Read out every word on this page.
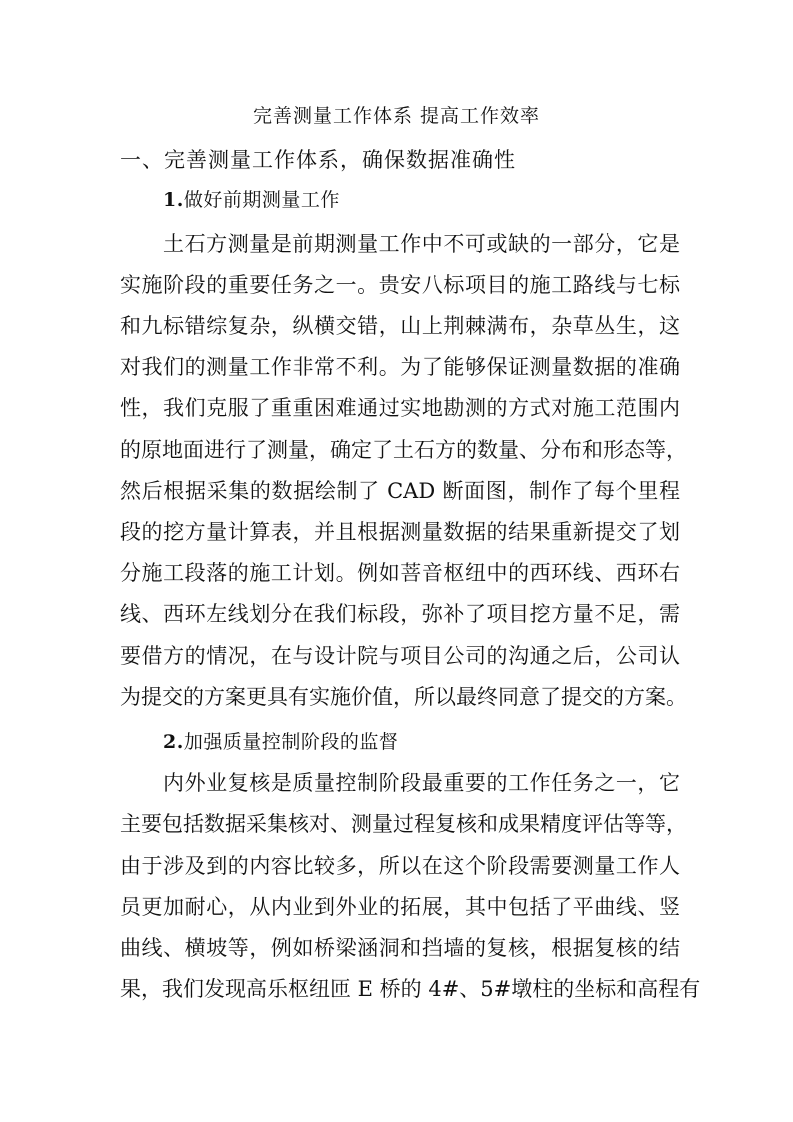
完善测量工作体系 提高工作效率
一、完善测量工作体系，确保数据准确性
1.做好前期测量工作
土石方测量是前期测量工作中不可或缺的一部分，它是
实施阶段的重要任务之一。贵安八标项目的施工路线与七标
和九标错综复杂，纵横交错，山上荆棘满布，杂草丛生，这
对我们的测量工作非常不利。为了能够保证测量数据的准确
性，我们克服了重重困难通过实地勘测的方式对施工范围内
的原地面进行了测量，确定了土石方的数量、分布和形态等，
然后根据采集的数据绘制了 CAD 断面图，制作了每个里程
段的挖方量计算表，并且根据测量数据的结果重新提交了划
分施工段落的施工计划。例如菩音枢纽中的西环线、西环右
线、西环左线划分在我们标段，弥补了项目挖方量不足，需
要借方的情况，在与设计院与项目公司的沟通之后，公司认
为提交的方案更具有实施价值，所以最终同意了提交的方案。
2.加强质量控制阶段的监督
内外业复核是质量控制阶段最重要的工作任务之一，它
主要包括数据采集核对、测量过程复核和成果精度评估等等，
由于涉及到的内容比较多，所以在这个阶段需要测量工作人
员更加耐心，从内业到外业的拓展，其中包括了平曲线、竖
曲线、横坡等，例如桥梁涵洞和挡墙的复核，根据复核的结
果，我们发现高乐枢纽匝 E 桥的 4#、5#墩柱的坐标和高程有
